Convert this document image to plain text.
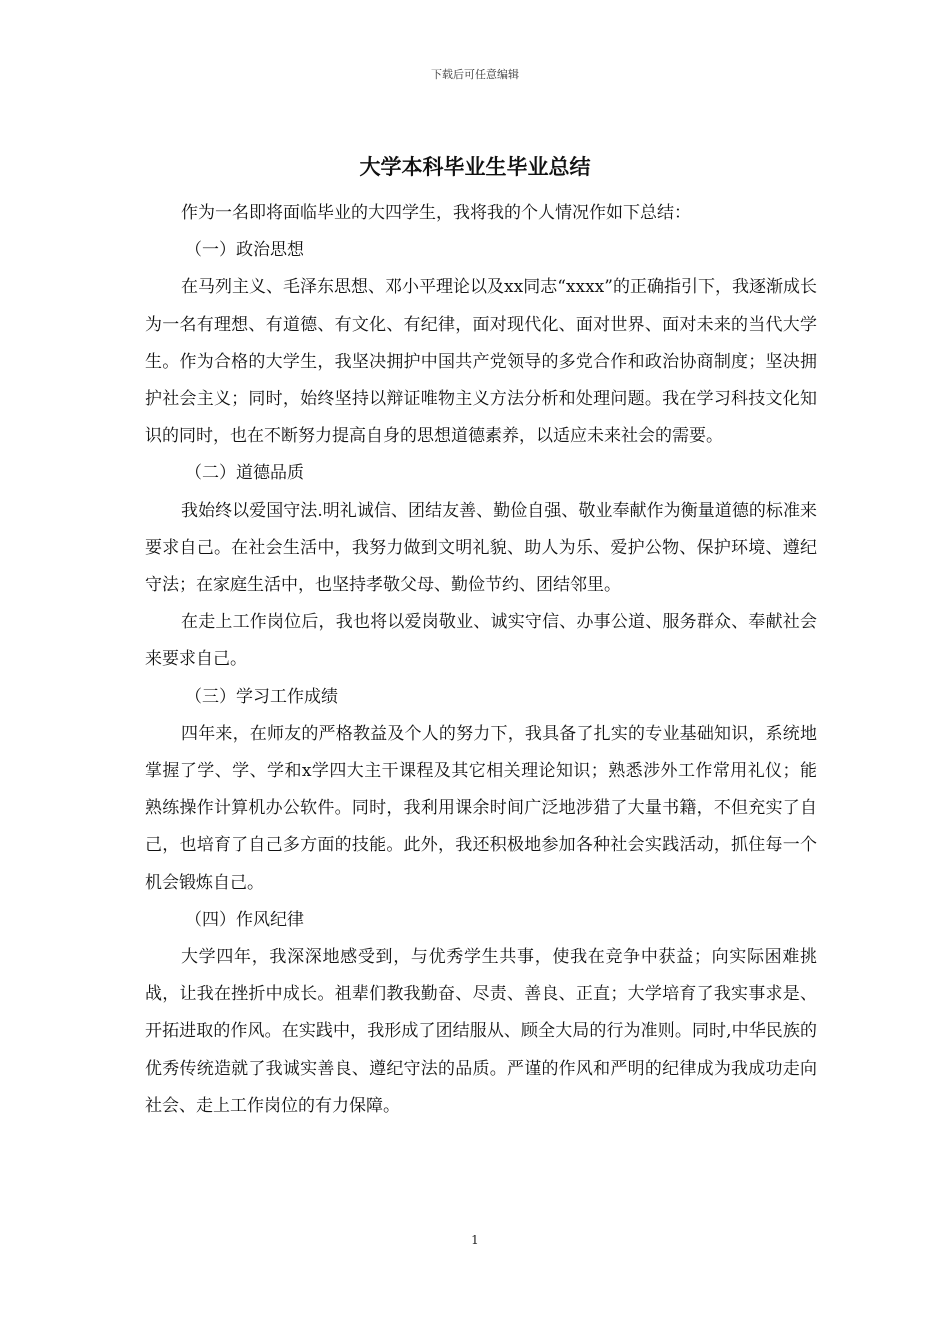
下载后可任意编辑
大学本科毕业生毕业总结

作为一名即将面临毕业的大四学生，我将我的个人情况作如下总结：

（一）政治思想

在马列主义、毛泽东思想、邓小平理论以及xx同志“xxxx”的正确指引下，我逐渐成长为一名有理想、有道德、有文化、有纪律，面对现代化、面对世界、面对未来的当代大学生。作为合格的大学生，我坚决拥护中国共产党领导的多党合作和政治协商制度；坚决拥护社会主义；同时，始终坚持以辩证唯物主义方法分析和处理问题。我在学习科技文化知识的同时，也在不断努力提高自身的思想道德素养，以适应未来社会的需要。

（二）道德品质

我始终以爱国守法.明礼诚信、团结友善、勤俭自强、敬业奉献作为衡量道德的标准来要求自己。在社会生活中，我努力做到文明礼貌、助人为乐、爱护公物、保护环境、遵纪守法；在家庭生活中，也坚持孝敬父母、勤俭节约、团结邻里。

在走上工作岗位后，我也将以爱岗敬业、诚实守信、办事公道、服务群众、奉献社会来要求自己。

（三）学习工作成绩

四年来，在师友的严格教益及个人的努力下，我具备了扎实的专业基础知识，系统地掌握了学、学、学和x学四大主干课程及其它相关理论知识；熟悉涉外工作常用礼仪；能熟练操作计算机办公软件。同时，我利用课余时间广泛地涉猎了大量书籍，不但充实了自己，也培育了自己多方面的技能。此外，我还积极地参加各种社会实践活动，抓住每一个机会锻炼自己。

（四）作风纪律

大学四年，我深深地感受到，与优秀学生共事，使我在竞争中获益；向实际困难挑战，让我在挫折中成长。祖辈们教我勤奋、尽责、善良、正直；大学培育了我实事求是、开拓进取的作风。在实践中，我形成了团结服从、顾全大局的行为准则。同时,中华民族的优秀传统造就了我诚实善良、遵纪守法的品质。严谨的作风和严明的纪律成为我成功走向社会、走上工作岗位的有力保障。

1
